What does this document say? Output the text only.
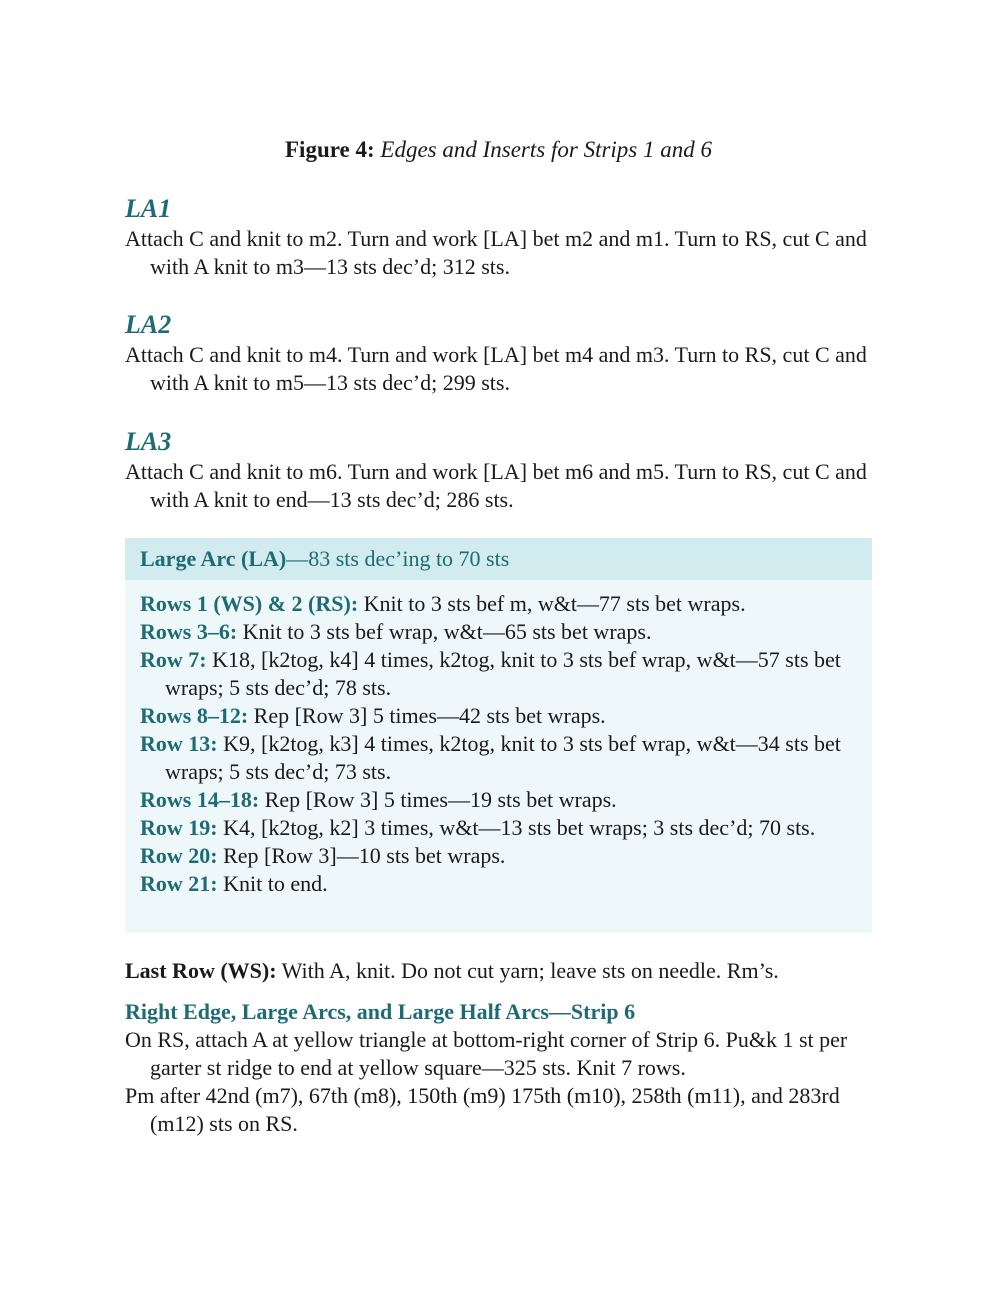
Figure 4: Edges and Inserts for Strips 1 and 6

LA1

Attach C and knit to m2. Turn and work [LA] bet m2 and m1. Turn to RS, cut C and with A knit to m3—13 sts dec’d; 312 sts.

LA2

Attach C and knit to m4. Turn and work [LA] bet m4 and m3. Turn to RS, cut C and with A knit to m5—13 sts dec’d; 299 sts.

LA3

Attach C and knit to m6. Turn and work [LA] bet m6 and m5. Turn to RS, cut C and with A knit to end—13 sts dec’d; 286 sts.

Large Arc (LA)—83 sts dec’ing to 70 sts

Rows 1 (WS) & 2 (RS): Knit to 3 sts bef m, w&t—77 sts bet wraps.

Rows 3–6: Knit to 3 sts bef wrap, w&t—65 sts bet wraps.

Row 7: K18, [k2tog, k4] 4 times, k2tog, knit to 3 sts bef wrap, w&t—57 sts bet wraps; 5 sts dec’d; 78 sts.

Rows 8–12: Rep [Row 3] 5 times—42 sts bet wraps.

Row 13: K9, [k2tog, k3] 4 times, k2tog, knit to 3 sts bef wrap, w&t—34 sts bet wraps; 5 sts dec’d; 73 sts.

Rows 14–18: Rep [Row 3] 5 times—19 sts bet wraps.

Row 19: K4, [k2tog, k2] 3 times, w&t—13 sts bet wraps; 3 sts dec’d; 70 sts.

Row 20: Rep [Row 3]—10 sts bet wraps.

Row 21: Knit to end.

Last Row (WS): With A, knit. Do not cut yarn; leave sts on needle. Rm’s.

Right Edge, Large Arcs, and Large Half Arcs—Strip 6

On RS, attach A at yellow triangle at bottom-right corner of Strip 6. Pu&k 1 st per garter st ridge to end at yellow square—325 sts. Knit 7 rows.

Pm after 42nd (m7), 67th (m8), 150th (m9) 175th (m10), 258th (m11), and 283rd (m12) sts on RS.
